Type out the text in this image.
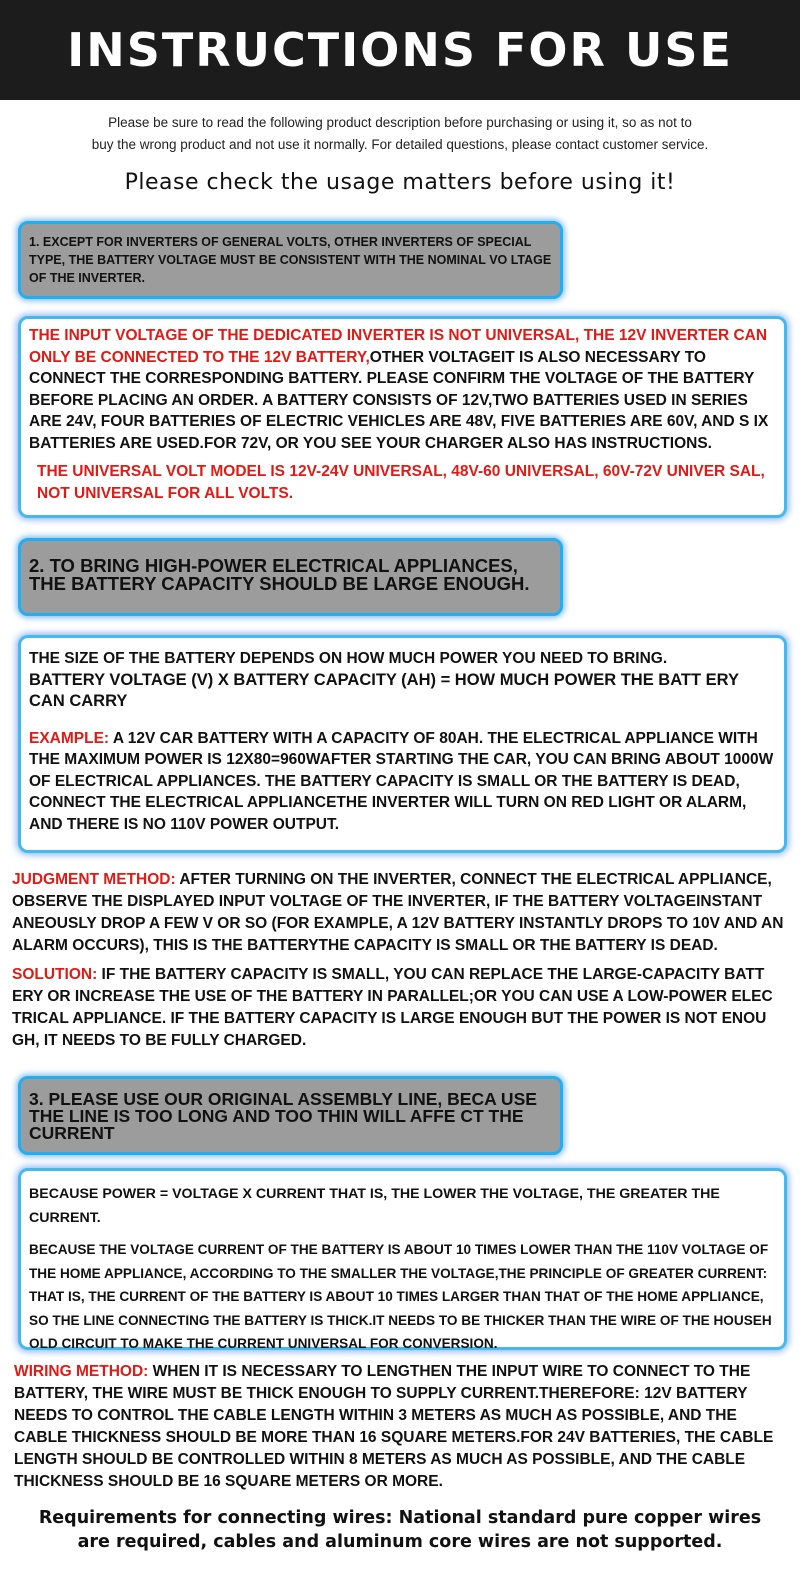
INSTRUCTIONS FOR USE

Please be sure to read the following product description before purchasing or using it, so as not to

buy the wrong product and not use it normally. For detailed questions, please contact customer service.

Please check the usage matters before using it!
1. EXCEPT FOR INVERTERS OF GENERAL VOLTS, OTHER INVERTERS OF SPECIAL TYPE, THE BATTERY VOLTAGE MUST BE CONSISTENT WITH THE NOMINAL VO LTAGE OF THE INVERTER.

THE INPUT VOLTAGE OF THE DEDICATED INVERTER IS NOT UNIVERSAL, THE 12V INVERTER CAN ONLY BE CONNECTED TO THE 12V BATTERY,OTHER VOLTAGEIT IS ALSO NECESSARY TO CONNECT THE CORRESPONDING BATTERY. PLEASE CONFIRM THE VOLTAGE OF THE BATTERY BEFORE PLACING AN ORDER. A BATTERY CONSISTS OF 12V,TWO BATTERIES USED IN SERIES ARE 24V, FOUR BATTERIES OF ELECTRIC VEHICLES ARE 48V, FIVE BATTERIES ARE 60V, AND S IX BATTERIES ARE USED.FOR 72V, OR YOU SEE YOUR CHARGER ALSO HAS INSTRUCTIONS.

THE UNIVERSAL VOLT MODEL IS 12V-24V UNIVERSAL, 48V-60 UNIVERSAL, 60V-72V UNIVER SAL, NOT UNIVERSAL FOR ALL VOLTS.

2. TO BRING HIGH-POWER ELECTRICAL APPLIANCES, THE BATTERY CAPACITY SHOULD BE LARGE ENOUGH.

THE SIZE OF THE BATTERY DEPENDS ON HOW MUCH POWER YOU NEED TO BRING.

BATTERY VOLTAGE (V) X BATTERY CAPACITY (AH) = HOW MUCH POWER THE BATT ERY CAN CARRY

EXAMPLE: A 12V CAR BATTERY WITH A CAPACITY OF 80AH. THE ELECTRICAL APPLIANCE WITH THE MAXIMUM POWER IS 12X80=960WAFTER STARTING THE CAR, YOU CAN BRING ABOUT 1000W OF ELECTRICAL APPLIANCES. THE BATTERY CAPACITY IS SMALL OR THE BATTERY IS DEAD, CONNECT THE ELECTRICAL APPLIANCETHE INVERTER WILL TURN ON RED LIGHT OR ALARM, AND THERE IS NO 110V POWER OUTPUT.

JUDGMENT METHOD: AFTER TURNING ON THE INVERTER, CONNECT THE ELECTRICAL APPLIANCE, OBSERVE THE DISPLAYED INPUT VOLTAGE OF THE INVERTER, IF THE BATTERY VOLTAGEINSTANT ANEOUSLY DROP A FEW V OR SO (FOR EXAMPLE, A 12V BATTERY INSTANTLY DROPS TO 10V AND AN ALARM OCCURS), THIS IS THE BATTERYTHE CAPACITY IS SMALL OR THE BATTERY IS DEAD.
SOLUTION: IF THE BATTERY CAPACITY IS SMALL, YOU CAN REPLACE THE LARGE-CAPACITY BATT ERY OR INCREASE THE USE OF THE BATTERY IN PARALLEL;OR YOU CAN USE A LOW-POWER ELEC TRICAL APPLIANCE. IF THE BATTERY CAPACITY IS LARGE ENOUGH BUT THE POWER IS NOT ENOU GH, IT NEEDS TO BE FULLY CHARGED.
3. PLEASE USE OUR ORIGINAL ASSEMBLY LINE, BECA USE THE LINE IS TOO LONG AND TOO THIN WILL AFFE CT THE CURRENT

BECAUSE POWER = VOLTAGE X CURRENT THAT IS, THE LOWER THE VOLTAGE, THE GREATER THE CURRENT.

BECAUSE THE VOLTAGE CURRENT OF THE BATTERY IS ABOUT 10 TIMES LOWER THAN THE 110V VOLTAGE OF THE HOME APPLIANCE, ACCORDING TO THE SMALLER THE VOLTAGE,THE PRINCIPLE OF GREATER CURRENT: THAT IS, THE CURRENT OF THE BATTERY IS ABOUT 10 TIMES LARGER THAN THAT OF THE HOME APPLIANCE, SO THE LINE CONNECTING THE BATTERY IS THICK.IT NEEDS TO BE THICKER THAN THE WIRE OF THE HOUSEH OLD CIRCUIT TO MAKE THE CURRENT UNIVERSAL FOR CONVERSION.

WIRING METHOD: WHEN IT IS NECESSARY TO LENGTHEN THE INPUT WIRE TO CONNECT TO THE BATTERY, THE WIRE MUST BE THICK ENOUGH TO SUPPLY CURRENT.THEREFORE: 12V BATTERY NEEDS TO CONTROL THE CABLE LENGTH WITHIN 3 METERS AS MUCH AS POSSIBLE, AND THE CABLE THICKNESS SHOULD BE MORE THAN 16 SQUARE METERS.FOR 24V BATTERIES, THE CABLE LENGTH SHOULD BE CONTROLLED WITHIN 8 METERS AS MUCH AS POSSIBLE, AND THE CABLE THICKNESS SHOULD BE 16 SQUARE METERS OR MORE.
Requirements for connecting wires: National standard pure copper wires are required, cables and aluminum core wires are not supported.
